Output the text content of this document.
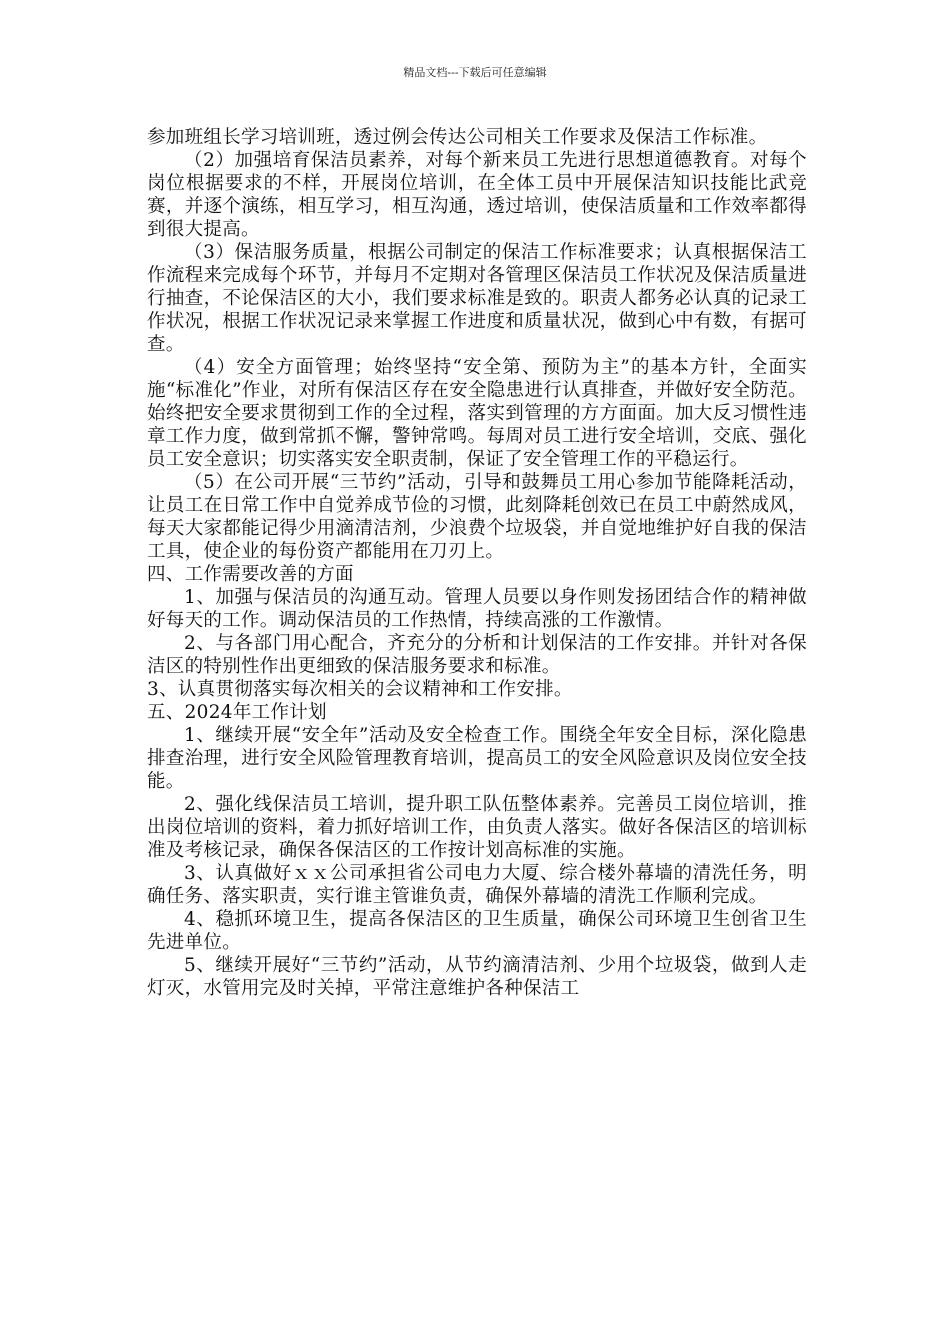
精品文档---下载后可任意编辑

参加班组长学习培训班，透过例会传达公司相关工作要求及保洁工作标准。

（2）加强培育保洁员素养，对每个新来员工先进行思想道德教育。对每个岗位根据要求的不样，开展岗位培训，在全体工员中开展保洁知识技能比武竞赛，并逐个演练，相互学习，相互沟通，透过培训，使保洁质量和工作效率都得到很大提高。

（3）保洁服务质量，根据公司制定的保洁工作标准要求；认真根据保洁工作流程来完成每个环节，并每月不定期对各管理区保洁员工作状况及保洁质量进行抽查，不论保洁区的大小，我们要求标准是致的。职责人都务必认真的记录工作状况，根据工作状况记录来掌握工作进度和质量状况，做到心中有数，有据可查。

（4）安全方面管理；始终坚持“安全第、预防为主”的基本方针，全面实施“标准化”作业，对所有保洁区存在安全隐患进行认真排查，并做好安全防范。始终把安全要求贯彻到工作的全过程，落实到管理的方方面面。加大反习惯性违章工作力度，做到常抓不懈，警钟常鸣。每周对员工进行安全培训，交底、强化员工安全意识；切实落实安全职责制，保证了安全管理工作的平稳运行。

（5）在公司开展“三节约”活动，引导和鼓舞员工用心参加节能降耗活动，让员工在日常工作中自觉养成节俭的习惯，此刻降耗创效已在员工中蔚然成风，每天大家都能记得少用滴清洁剂，少浪费个垃圾袋，并自觉地维护好自我的保洁工具，使企业的每份资产都能用在刀刃上。

四、工作需要改善的方面

1、加强与保洁员的沟通互动。管理人员要以身作则发扬团结合作的精神做好每天的工作。调动保洁员的工作热情，持续高涨的工作激情。

2、与各部门用心配合，齐充分的分析和计划保洁的工作安排。并针对各保洁区的特别性作出更细致的保洁服务要求和标准。

3、认真贯彻落实每次相关的会议精神和工作安排。

五、2024年工作计划

1、继续开展“安全年”活动及安全检查工作。围绕全年安全目标，深化隐患排查治理，进行安全风险管理教育培训，提高员工的安全风险意识及岗位安全技能。

2、强化线保洁员工培训，提升职工队伍整体素养。完善员工岗位培训，推出岗位培训的资料，着力抓好培训工作，由负责人落实。做好各保洁区的培训标准及考核记录，确保各保洁区的工作按计划高标准的实施。

3、认真做好ｘｘ公司承担省公司电力大厦、综合楼外幕墙的清洗任务，明确任务、落实职责，实行谁主管谁负责，确保外幕墙的清洗工作顺利完成。

4、稳抓环境卫生，提高各保洁区的卫生质量，确保公司环境卫生创省卫生先进单位。

5、继续开展好“三节约”活动，从节约滴清洁剂、少用个垃圾袋，做到人走灯灭，水管用完及时关掉，平常注意维护各种保洁工
